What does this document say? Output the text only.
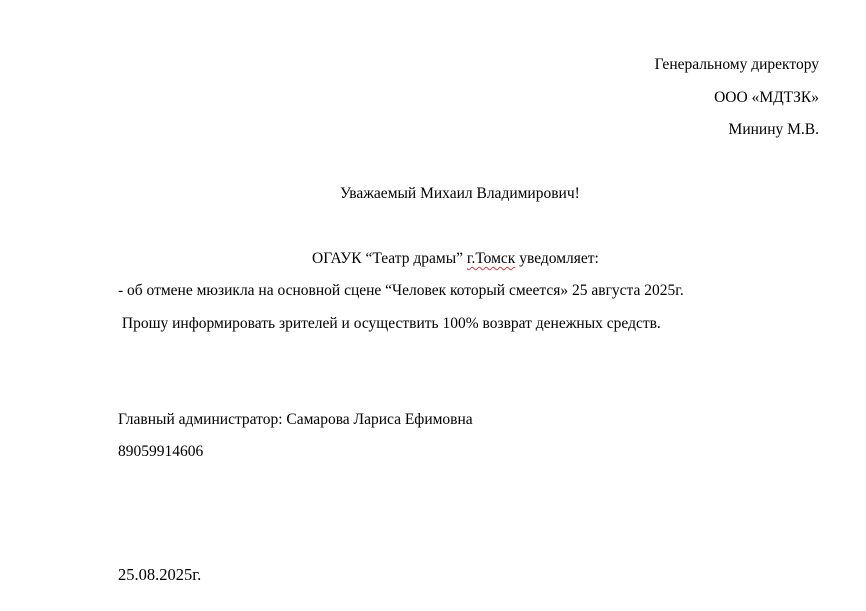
Генеральному директору
ООО «МДТЗК»
Минину М.В.
Уважаемый Михаил Владимирович!
ОГАУК “Театр драмы” г.Томск уведомляет:
- об отмене мюзикла на основной сцене “Человек который смеется» 25 августа 2025г.
Прошу информировать зрителей и осуществить 100% возврат денежных средств.
Главный администратор: Самарова Лариса Ефимовна
89059914606
25.08.2025г.
